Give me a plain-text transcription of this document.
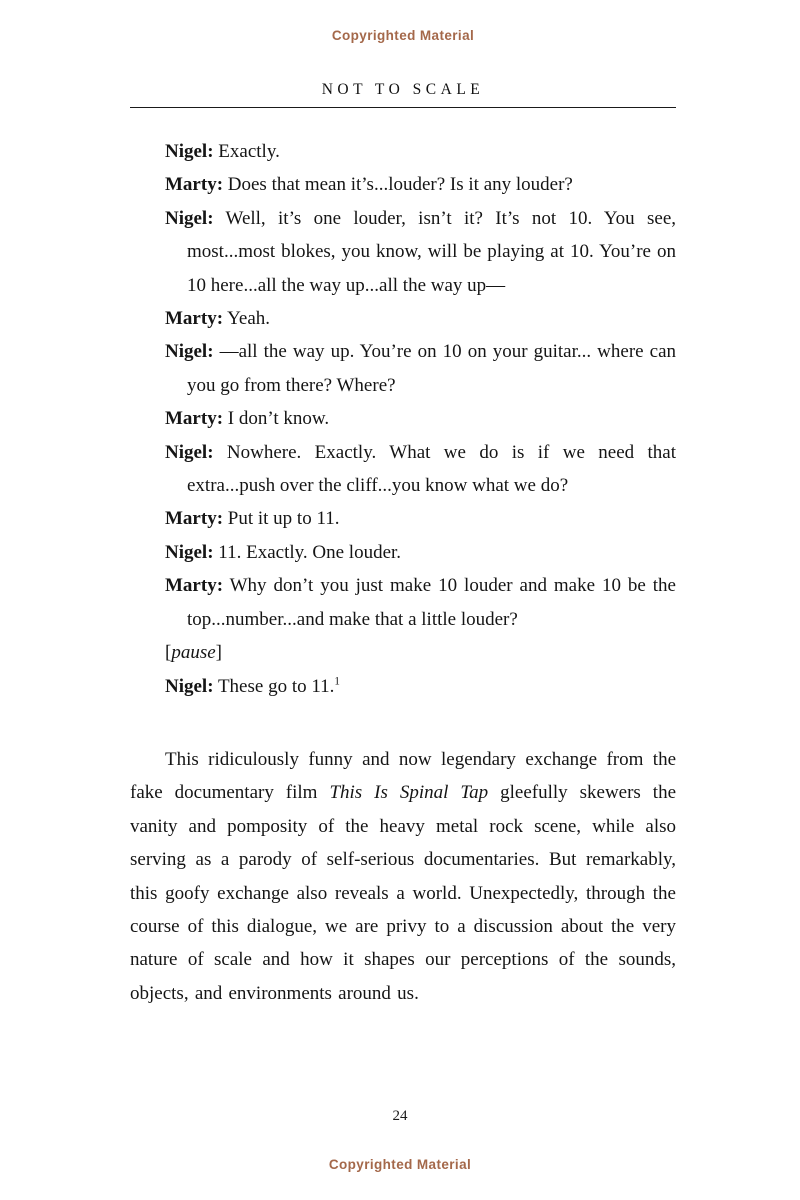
Copyrighted Material
NOT TO SCALE

Nigel: Exactly.

Marty: Does that mean it’s...louder? Is it any louder?

Nigel: Well, it’s one louder, isn’t it? It’s not 10. You see, most...most blokes, you know, will be playing at 10. You’re on 10 here...all the way up...all the way up—

Marty: Yeah.

Nigel: —all the way up. You’re on 10 on your guitar... where can you go from there? Where?

Marty: I don’t know.

Nigel: Nowhere. Exactly. What we do is if we need that extra...push over the cliff...you know what we do?

Marty: Put it up to 11.

Nigel: 11. Exactly. One louder.

Marty: Why don’t you just make 10 louder and make 10 be the top...number...and make that a little louder?

[pause]

Nigel: These go to 11.$^1$

This ridiculously funny and now legendary exchange from the fake documentary film This Is Spinal Tap gleefully skewers the vanity and pomposity of the heavy metal rock scene, while also serving as a parody of self-serious documentaries. But remarkably, this goofy exchange also reveals a world. Unexpectedly, through the course of this dialogue, we are privy to a discussion about the very nature of scale and how it shapes our perceptions of the sounds, objects, and environments around us.

24
Copyrighted Material
